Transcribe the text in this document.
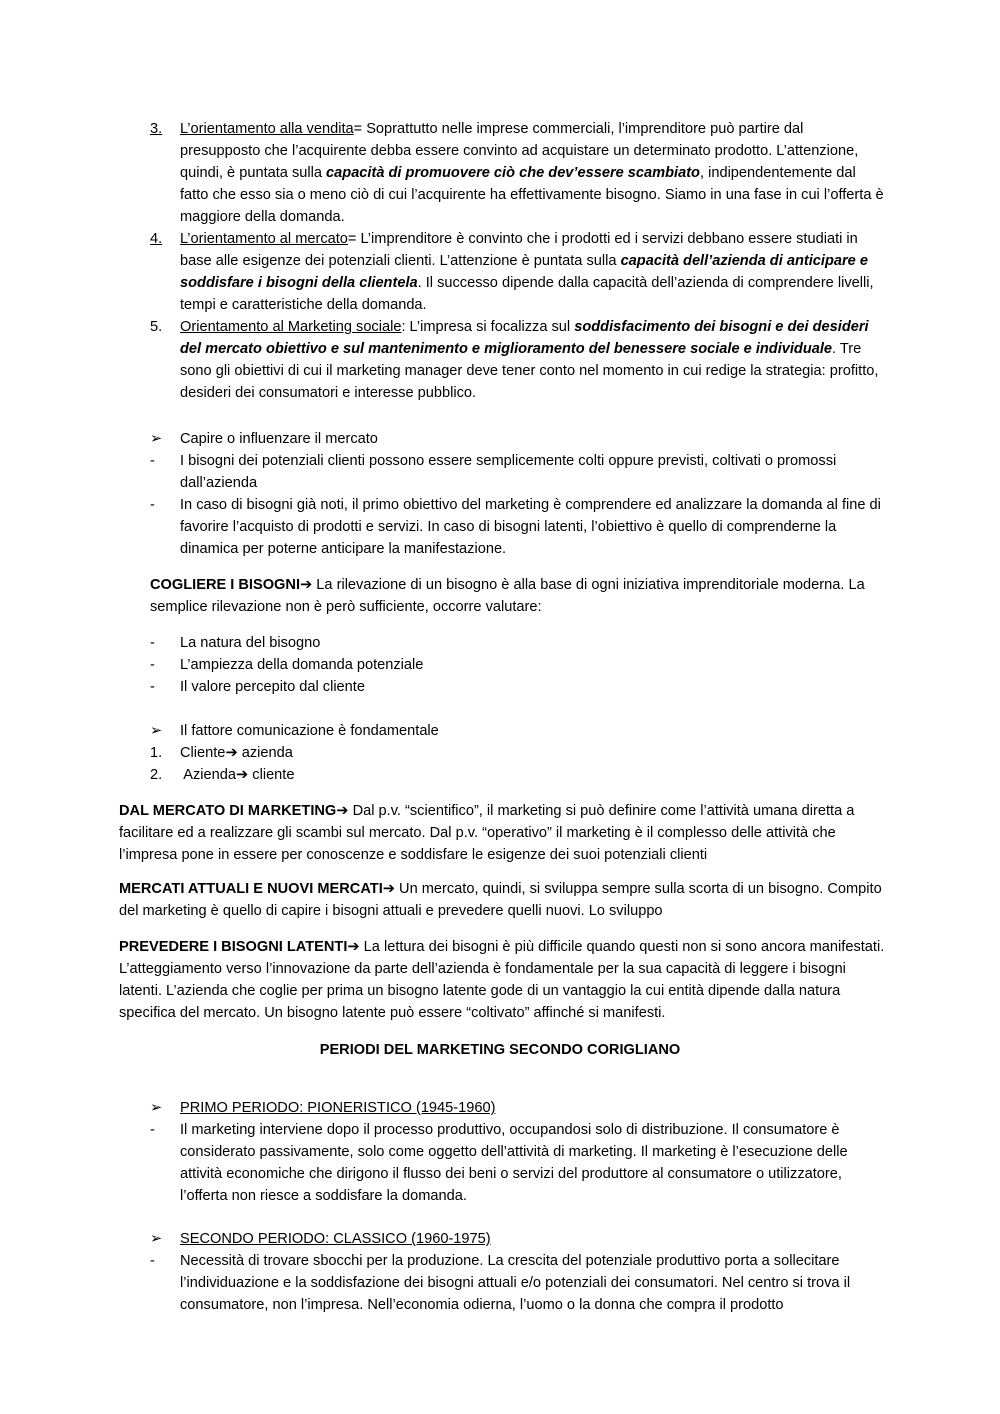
3. L’orientamento alla vendita= Soprattutto nelle imprese commerciali, l’imprenditore può partire dal presupposto che l’acquirente debba essere convinto ad acquistare un determinato prodotto. L’attenzione, quindi, è puntata sulla capacità di promuovere ciò che dev’essere scambiato, indipendentemente dal fatto che esso sia o meno ciò di cui l’acquirente ha effettivamente bisogno. Siamo in una fase in cui l’offerta è maggiore della domanda.
4. L’orientamento al mercato= L’imprenditore è convinto che i prodotti ed i servizi debbano essere studiati in base alle esigenze dei potenziali clienti. L’attenzione è puntata sulla capacità dell’azienda di anticipare e soddisfare i bisogni della clientela. Il successo dipende dalla capacità dell’azienda di comprendere livelli, tempi e caratteristiche della domanda.
5. Orientamento al Marketing sociale: L’impresa si focalizza sul soddisfacimento dei bisogni e dei desideri del mercato obiettivo e sul mantenimento e miglioramento del benessere sociale e individuale. Tre sono gli obiettivi di cui il marketing manager deve tener conto nel momento in cui redige la strategia: profitto, desideri dei consumatori e interesse pubblico.
➢ Capire o influenzare il mercato
- I bisogni dei potenziali clienti possono essere semplicemente colti oppure previsti, coltivati o promossi dall’azienda
- In caso di bisogni già noti, il primo obiettivo del marketing è comprendere ed analizzare la domanda al fine di favorire l’acquisto di prodotti e servizi. In caso di bisogni latenti, l’obiettivo è quello di comprenderne la dinamica per poterne anticipare la manifestazione.
COGLIERE I BISOGNI➔ La rilevazione di un bisogno è alla base di ogni iniziativa imprenditoriale moderna. La semplice rilevazione non è però sufficiente, occorre valutare:
- La natura del bisogno
- L’ampiezza della domanda potenziale
- Il valore percepito dal cliente
➢ Il fattore comunicazione è fondamentale
1. Cliente➔ azienda
2. Azienda➔ cliente
DAL MERCATO DI MARKETING➔ Dal p.v. “scientifico”, il marketing si può definire come l’attività umana diretta a facilitare ed a realizzare gli scambi sul mercato. Dal p.v. “operativo” il marketing è il complesso delle attività che l’impresa pone in essere per conoscenze e soddisfare le esigenze dei suoi potenziali clienti
MERCATI ATTUALI E NUOVI MERCATI➔ Un mercato, quindi, si sviluppa sempre sulla scorta di un bisogno. Compito del marketing è quello di capire i bisogni attuali e prevedere quelli nuovi. Lo sviluppo
PREVEDERE I BISOGNI LATENTI➔ La lettura dei bisogni è più difficile quando questi non si sono ancora manifestati. L’atteggiamento verso l’innovazione da parte dell’azienda è fondamentale per la sua capacità di leggere i bisogni latenti. L’azienda che coglie per prima un bisogno latente gode di un vantaggio la cui entità dipende dalla natura specifica del mercato. Un bisogno latente può essere “coltivato” affinché si manifesti.
PERIODI DEL MARKETING SECONDO CORIGLIANO
➢ PRIMO PERIODO: PIONERISTICO (1945-1960)
- Il marketing interviene dopo il processo produttivo, occupandosi solo di distribuzione. Il consumatore è considerato passivamente, solo come oggetto dell’attività di marketing. Il marketing è l’esecuzione delle attività economiche che dirigono il flusso dei beni o servizi del produttore al consumatore o utilizzatore, l’offerta non riesce a soddisfare la domanda.
➢ SECONDO PERIODO: CLASSICO (1960-1975)
- Necessità di trovare sbocchi per la produzione. La crescita del potenziale produttivo porta a sollecitare l’individuazione e la soddisfazione dei bisogni attuali e/o potenziali dei consumatori. Nel centro si trova il consumatore, non l’impresa. Nell’economia odierna, l’uomo o la donna che compra il prodotto
